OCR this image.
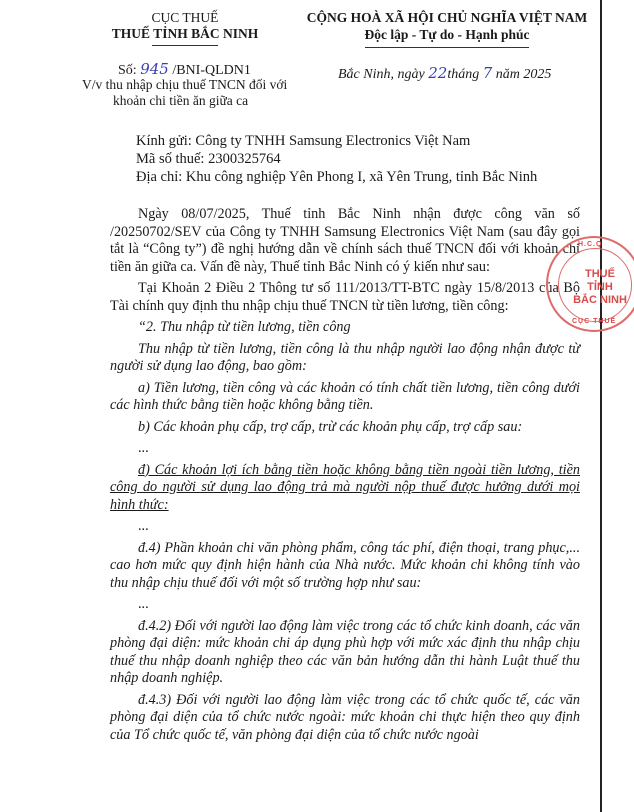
CỤC THUẾ
THUẾ TỈNH BẮC NINH
Số: 945 /BNI-QLDN1
V/v thu nhập chịu thuế TNCN đối với
khoản chi tiền ăn giữa ca
CỘNG HOÀ XÃ HỘI CHỦ NGHĨA VIỆT NAM
Độc lập - Tự do - Hạnh phúc
Bắc Ninh, ngày 22tháng 7 năm 2025
Kính gửi: Công ty TNHH Samsung Electronics Việt Nam
Mã số thuế: 2300325764
Địa chỉ: Khu công nghiệp Yên Phong I, xã Yên Trung, tỉnh Bắc Ninh

Ngày 08/07/2025, Thuế tỉnh Bắc Ninh nhận được công văn số /20250702/SEV của Công ty TNHH Samsung Electronics Việt Nam (sau đây gọi tắt là “Công ty”) đề nghị hướng dẫn về chính sách thuế TNCN đối với khoản chi tiền ăn giữa ca. Vấn đề này, Thuế tỉnh Bắc Ninh có ý kiến như sau:

Tại Khoản 2 Điều 2 Thông tư số 111/2013/TT-BTC ngày 15/8/2013 của Bộ Tài chính quy định thu nhập chịu thuế TNCN từ tiền lương, tiền công:

“2. Thu nhập từ tiền lương, tiền công

Thu nhập từ tiền lương, tiền công là thu nhập người lao động nhận được từ người sử dụng lao động, bao gồm:

a) Tiền lương, tiền công và các khoản có tính chất tiền lương, tiền công dưới các hình thức bằng tiền hoặc không bằng tiền.

b) Các khoản phụ cấp, trợ cấp, trừ các khoản phụ cấp, trợ cấp sau:

...

đ) Các khoản lợi ích bằng tiền hoặc không bằng tiền ngoài tiền lương, tiền công do người sử dụng lao động trả mà người nộp thuế được hưởng dưới mọi hình thức:

...

đ.4) Phần khoản chi văn phòng phẩm, công tác phí, điện thoại, trang phục,... cao hơn mức quy định hiện hành của Nhà nước. Mức khoản chi không tính vào thu nhập chịu thuế đối với một số trường hợp như sau:

...

đ.4.2) Đối với người lao động làm việc trong các tổ chức kinh doanh, các văn phòng đại diện: mức khoản chi áp dụng phù hợp với mức xác định thu nhập chịu thuế thu nhập doanh nghiệp theo các văn bản hướng dẫn thi hành Luật thuế thu nhập doanh nghiệp.

đ.4.3) Đối với người lao động làm việc trong các tổ chức quốc tế, các văn phòng đại diện của tổ chức nước ngoài: mức khoản chi thực hiện theo quy định của Tổ chức quốc tế, văn phòng đại diện của tổ chức nước ngoài

H.C.Q
THUẾ
TỈNH
BẮC NINH
CỤC THUẾ
